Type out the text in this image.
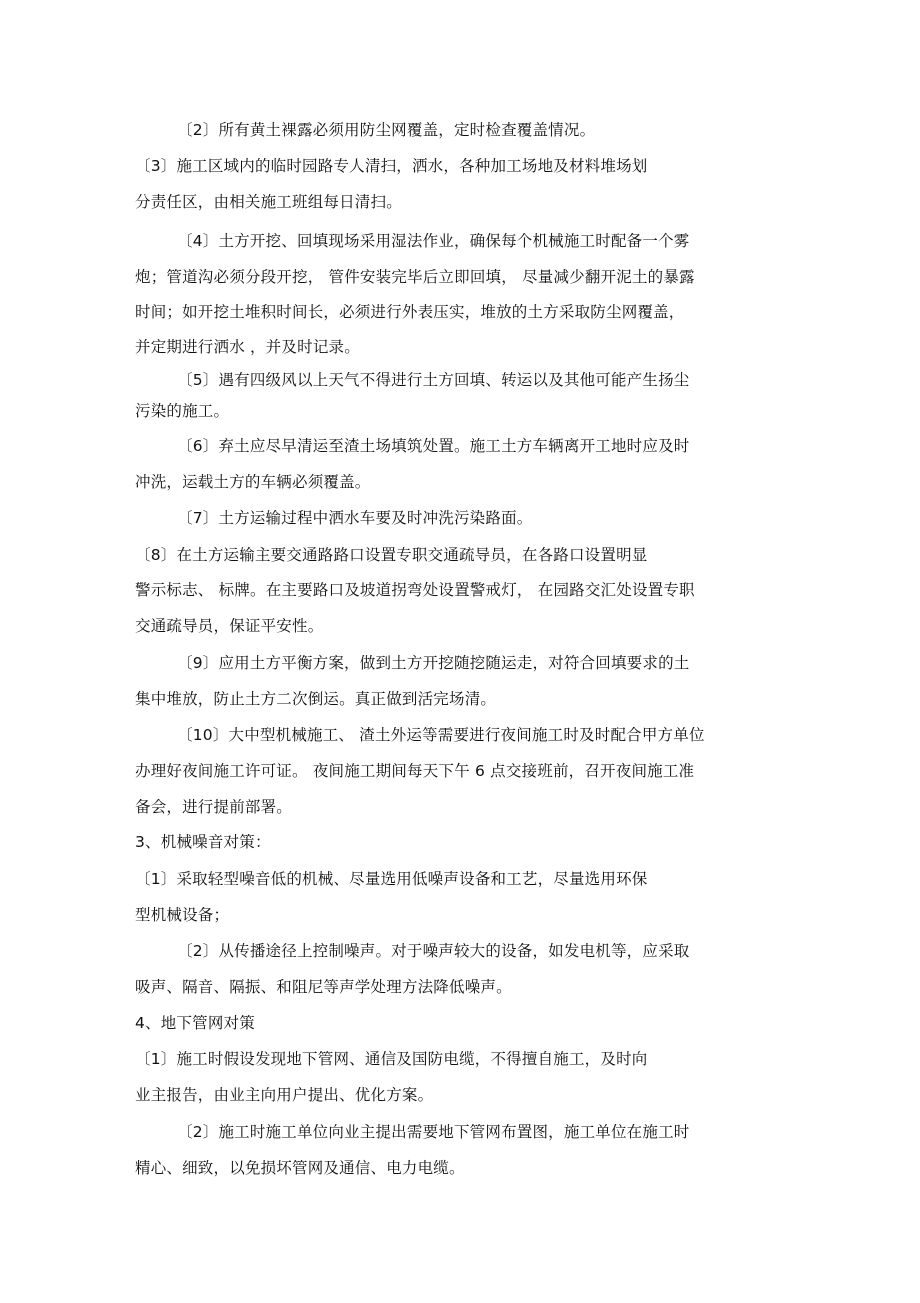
〔2〕所有黄土裸露必须用防尘网覆盖，定时检查覆盖情况。
〔3〕施工区域内的临时园路专人清扫，洒水，各种加工场地及材料堆场划
分责任区，由相关施工班组每日清扫。
〔4〕土方开挖、回填现场采用湿法作业，确保每个机械施工时配备一个雾
炮；管道沟必须分段开挖， 管件安装完毕后立即回填， 尽量减少翻开泥土的暴露
时间；如开挖土堆积时间长，必须进行外表压实，堆放的土方采取防尘网覆盖，
并定期进行洒水 ，并及时记录。
〔5〕遇有四级风以上天气不得进行土方回填、转运以及其他可能产生扬尘
污染的施工。
〔6〕弃土应尽早清运至渣土场填筑处置。施工土方车辆离开工地时应及时
冲洗，运载土方的车辆必须覆盖。
〔7〕土方运输过程中洒水车要及时冲洗污染路面。
〔8〕在土方运输主要交通路路口设置专职交通疏导员，在各路口设置明显
警示标志、 标牌。在主要路口及坡道拐弯处设置警戒灯， 在园路交汇处设置专职
交通疏导员，保证平安性。
〔9〕应用土方平衡方案，做到土方开挖随挖随运走，对符合回填要求的土
集中堆放，防止土方二次倒运。真正做到活完场清。
〔10〕大中型机械施工、 渣土外运等需要进行夜间施工时及时配合甲方单位
办理好夜间施工许可证。 夜间施工期间每天下午 6 点交接班前，召开夜间施工准
备会，进行提前部署。
3、机械噪音对策：
〔1〕采取轻型噪音低的机械、尽量选用低噪声设备和工艺，尽量选用环保
型机械设备；
〔2〕从传播途径上控制噪声。对于噪声较大的设备，如发电机等，应采取
吸声、隔音、隔振、和阻尼等声学处理方法降低噪声。
4、地下管网对策
〔1〕施工时假设发现地下管网、通信及国防电缆，不得擅自施工，及时向
业主报告，由业主向用户提出、优化方案。
〔2〕施工时施工单位向业主提出需要地下管网布置图，施工单位在施工时
精心、细致，以免损坏管网及通信、电力电缆。
